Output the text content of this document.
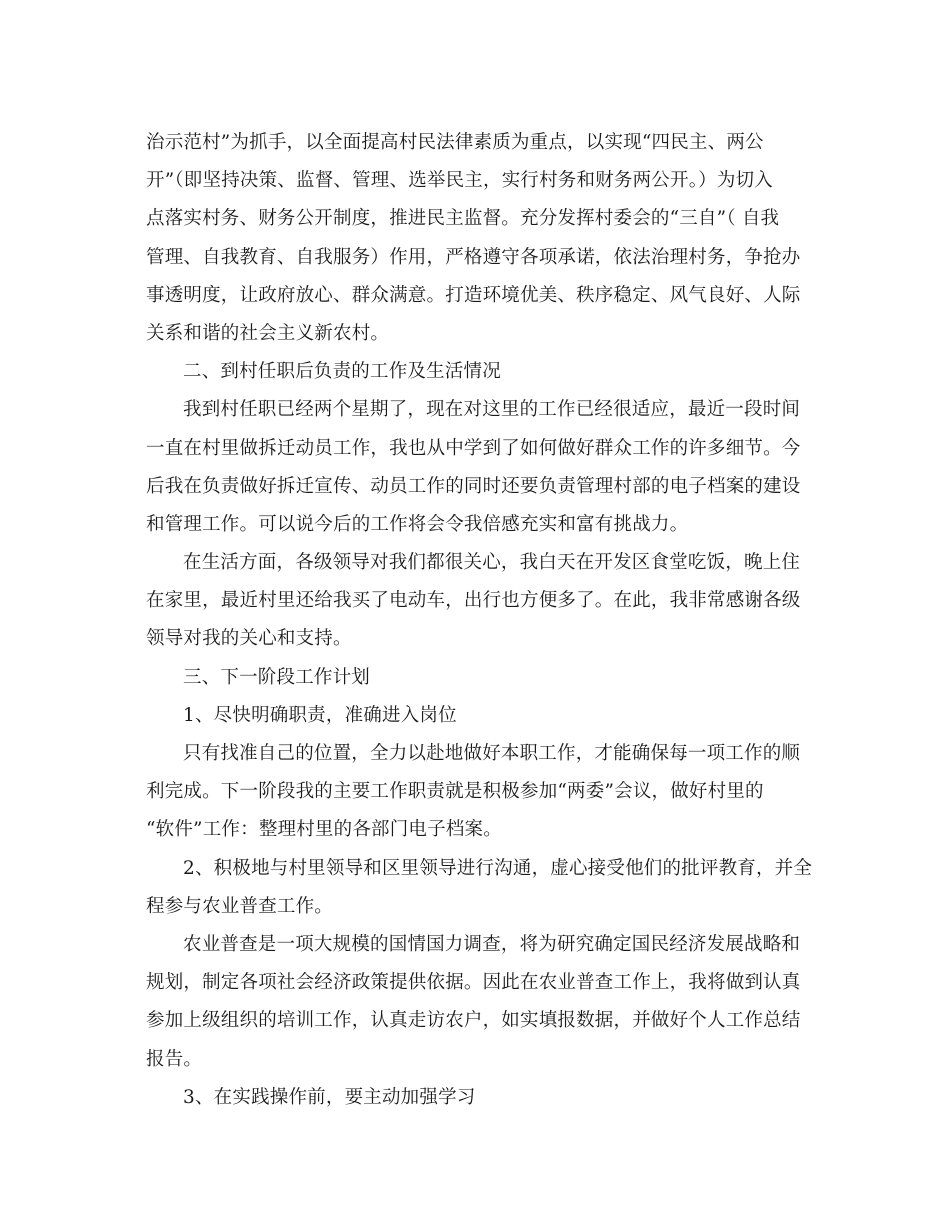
治示范村”为抓手，以全面提高村民法律素质为重点，以实现“四民主、两公
开”（即坚持决策、监督、管理、选举民主，实行村务和财务两公开。）为切入
点落实村务、财务公开制度，推进民主监督。充分发挥村委会的“三自”（ 自我
管理、自我教育、自我服务）作用，严格遵守各项承诺，依法治理村务，争抢办
事透明度，让政府放心、群众满意。打造环境优美、秩序稳定、风气良好、人际
关系和谐的社会主义新农村。
二、到村任职后负责的工作及生活情况
我到村任职已经两个星期了，现在对这里的工作已经很适应，最近一段时间
一直在村里做拆迁动员工作，我也从中学到了如何做好群众工作的许多细节。今
后我在负责做好拆迁宣传、动员工作的同时还要负责管理村部的电子档案的建设
和管理工作。可以说今后的工作将会令我倍感充实和富有挑战力。
在生活方面，各级领导对我们都很关心，我白天在开发区食堂吃饭，晚上住
在家里，最近村里还给我买了电动车，出行也方便多了。在此，我非常感谢各级
领导对我的关心和支持。
三、下一阶段工作计划
1、尽快明确职责，准确进入岗位
只有找准自己的位置，全力以赴地做好本职工作，才能确保每一项工作的顺
利完成。下一阶段我的主要工作职责就是积极参加“两委”会议，做好村里的
“软件”工作：整理村里的各部门电子档案。
2、积极地与村里领导和区里领导进行沟通，虚心接受他们的批评教育，并全
程参与农业普查工作。
农业普查是一项大规模的国情国力调查，将为研究确定国民经济发展战略和
规划，制定各项社会经济政策提供依据。因此在农业普查工作上，我将做到认真
参加上级组织的培训工作，认真走访农户，如实填报数据，并做好个人工作总结
报告。
3、在实践操作前，要主动加强学习
